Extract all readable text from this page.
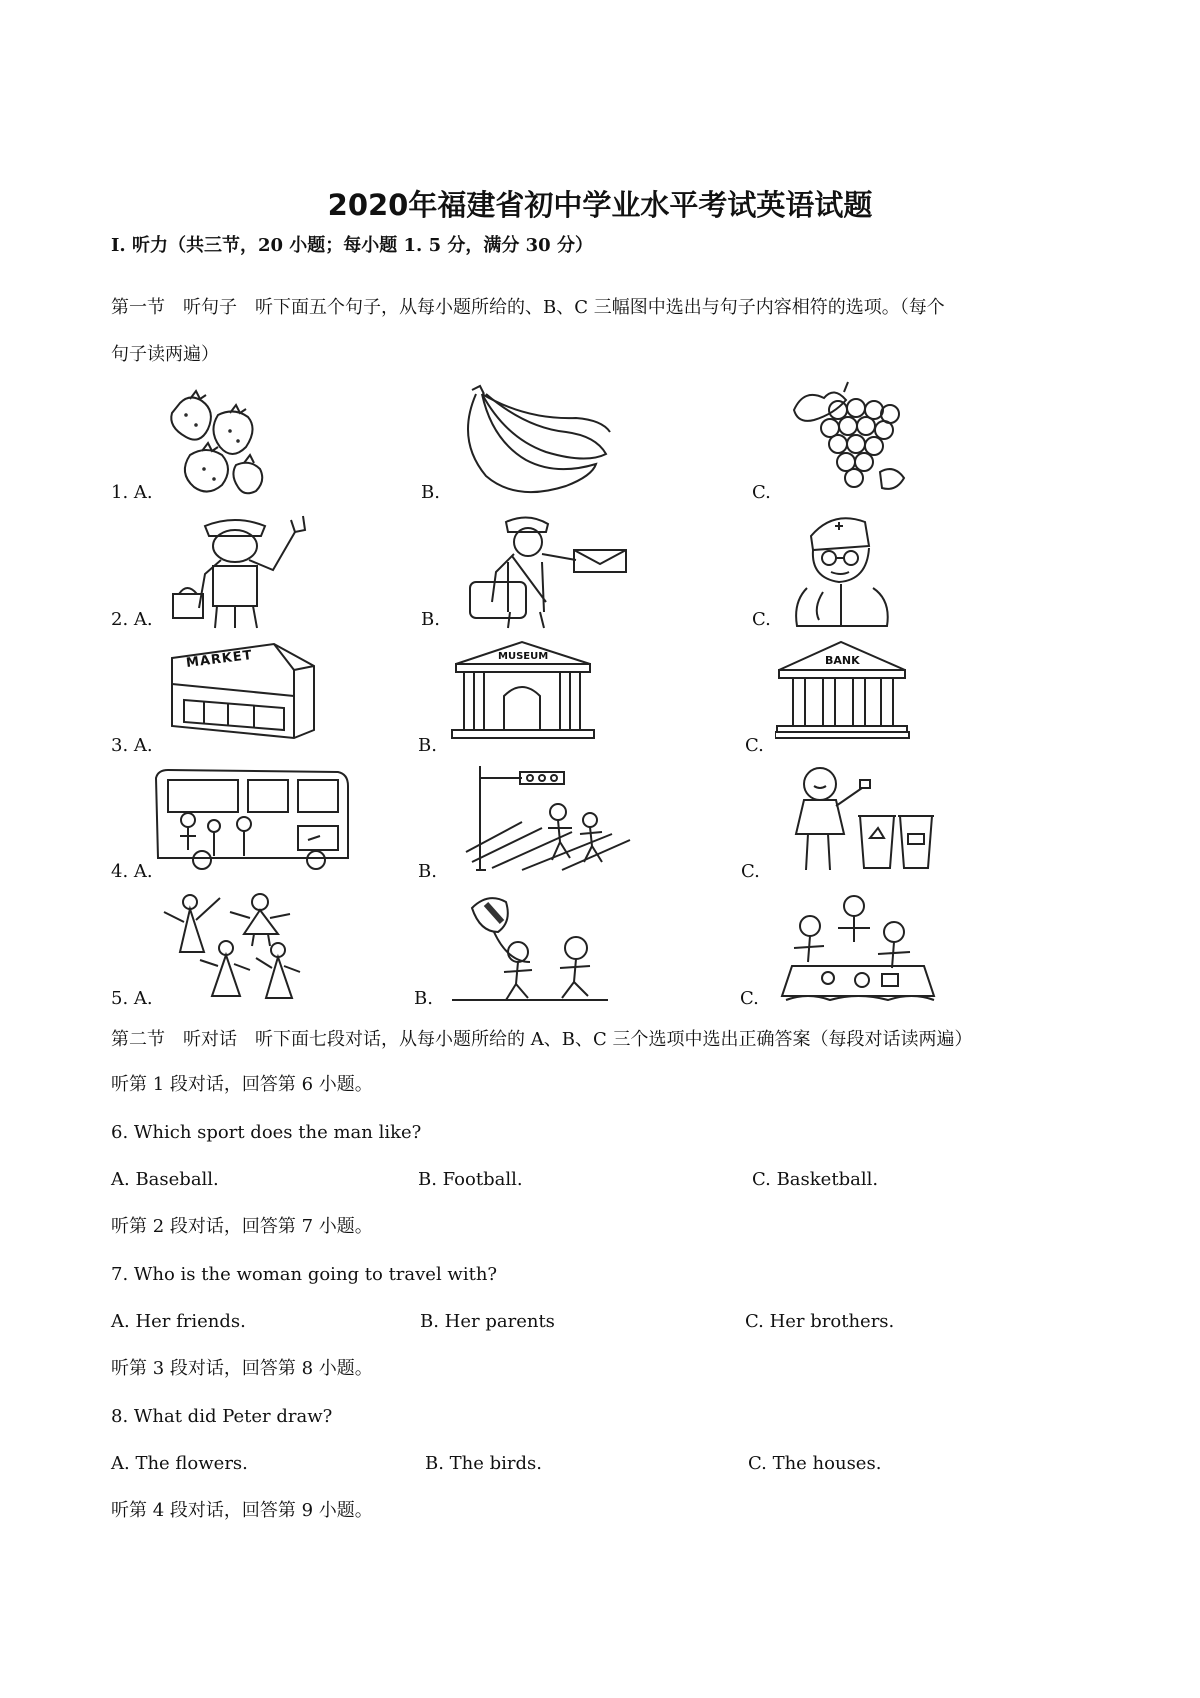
2020年福建省初中学业水平考试英语试题
Ⅰ. 听力（共三节，20 小题；每小题 1. 5 分，满分 30 分）
第一节　听句子　听下面五个句子，从每小题所给的、B、C 三幅图中选出与句子内容相符的选项。（每个
句子读两遍）
1. A.	B.	C.
2. A.	B.	C.
3. A.	B.	C.
4. A.	B.	C.
5. A.	B.	C.
MARKET	MUSEUM	BANK
第二节　听对话　听下面七段对话，从每小题所给的 A、B、C 三个选项中选出正确答案（每段对话读两遍）
听第 1 段对话，回答第 6 小题。
6. Which sport does the man like?
A. Baseball.	B. Football.	C. Basketball.
听第 2 段对话，回答第 7 小题。
7. Who is the woman going to travel with?
A. Her friends.	B. Her parents	C. Her brothers.
听第 3 段对话，回答第 8 小题。
8. What did Peter draw?
A. The flowers.	B. The birds.	C. The houses.
听第 4 段对话，回答第 9 小题。
